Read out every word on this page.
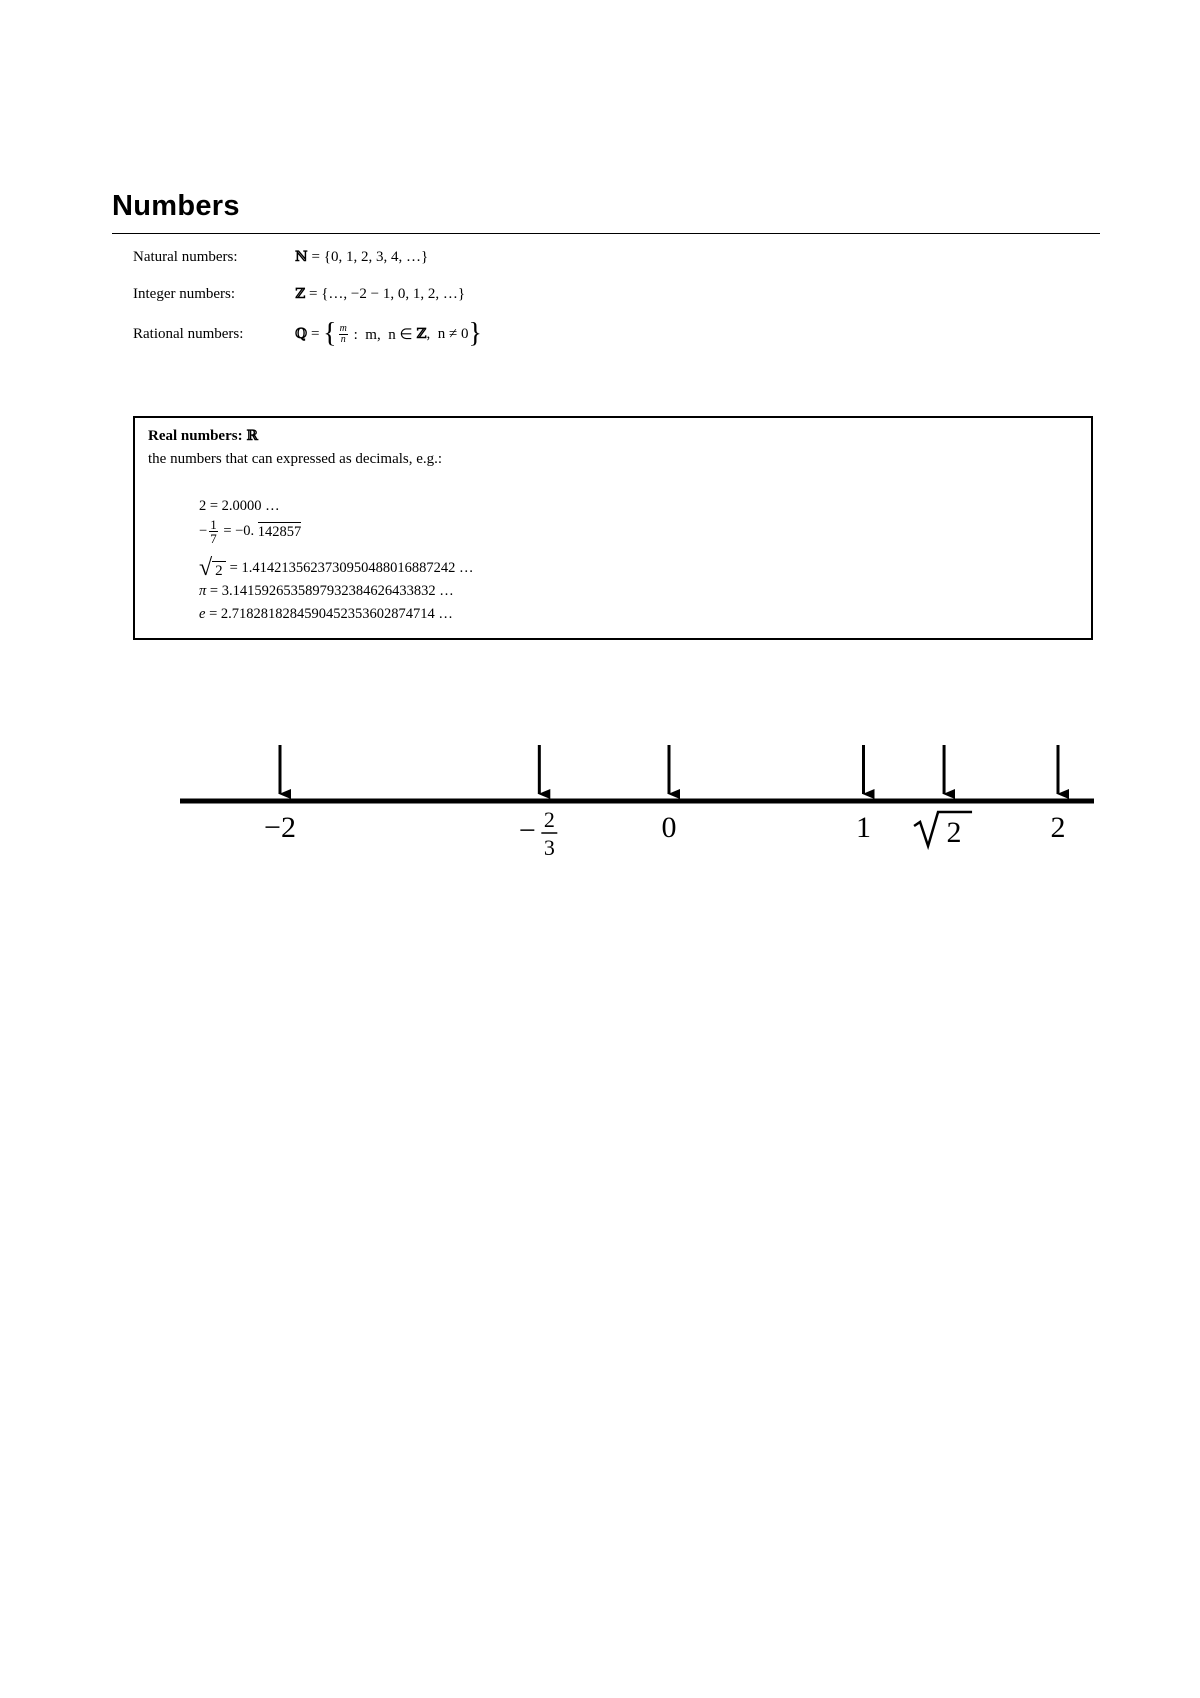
Numbers
Natural numbers:	ℕ = {0, 1, 2, 3, 4, …}
Integer numbers:	ℤ = {…, −2 − 1, 0, 1, 2, …}
Rational numbers:	ℚ = { $\frac{m}{n}$ :  m,  n ∈ ℤ ,  n ≠ 0 }
Real numbers: ℝ
the numbers that can expressed as decimals, e.g.:
2 = 2.0000 …
− $\frac{1}{7} = -0$. 142857
√ 2 = 1.4142135623730950488016887242 …
π = 3.1415926535897932384626433832 …
e = 2.7182818284590452353602874714 …
−2	− 2
3
0	1	2	2
